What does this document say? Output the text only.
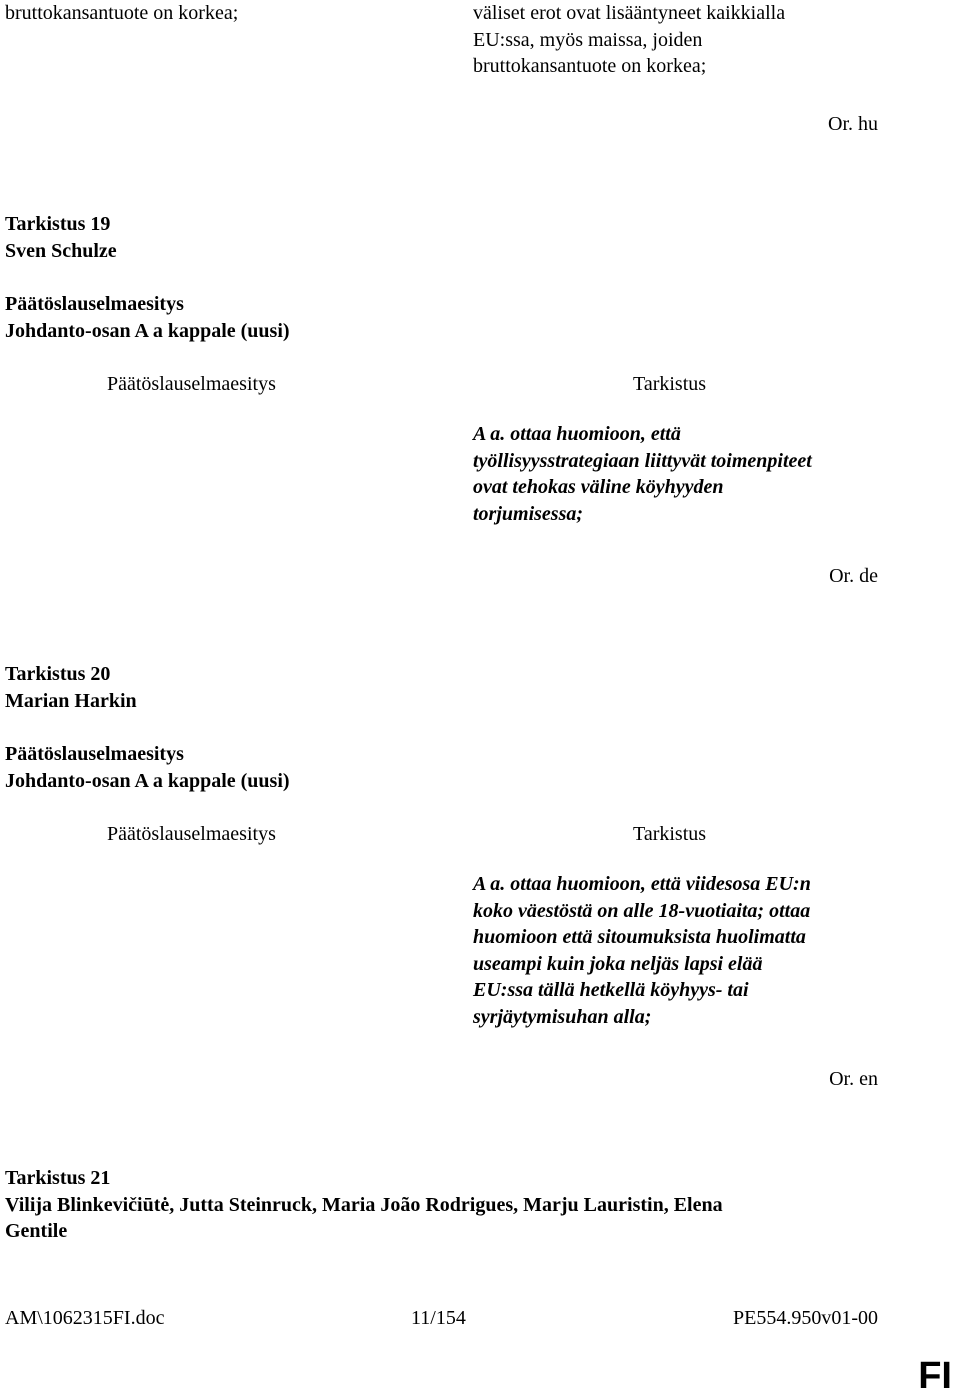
bruttokansantuote on korkea;	väliset erot ovat lisääntyneet kaikkialla
EU:ssa, myös maissa, joiden
bruttokansantuote on korkea;
Or. hu
Tarkistus 19
Sven Schulze
Päätöslauselmaesitys
Johdanto-osan A a kappale (uusi)
Päätöslauselmaesitys	Tarkistus
A a. ottaa huomioon, että
työllisyysstrategiaan liittyvät toimenpiteet
ovat tehokas väline köyhyyden
torjumisessa;
Or. de
Tarkistus 20
Marian Harkin
Päätöslauselmaesitys
Johdanto-osan A a kappale (uusi)
Päätöslauselmaesitys	Tarkistus
A a. ottaa huomioon, että viidesosa EU:n
koko väestöstä on alle 18-vuotiaita; ottaa
huomioon että sitoumuksista huolimatta
useampi kuin joka neljäs lapsi elää
EU:ssa tällä hetkellä köyhyys- tai
syrjäytymisuhan alla;
Or. en
Tarkistus 21
Vilija Blinkevičiūtė, Jutta Steinruck, Maria João Rodrigues, Marju Lauristin, Elena
Gentile
AM\1062315FI.doc	11/154	PE554.950v01-00
FI
